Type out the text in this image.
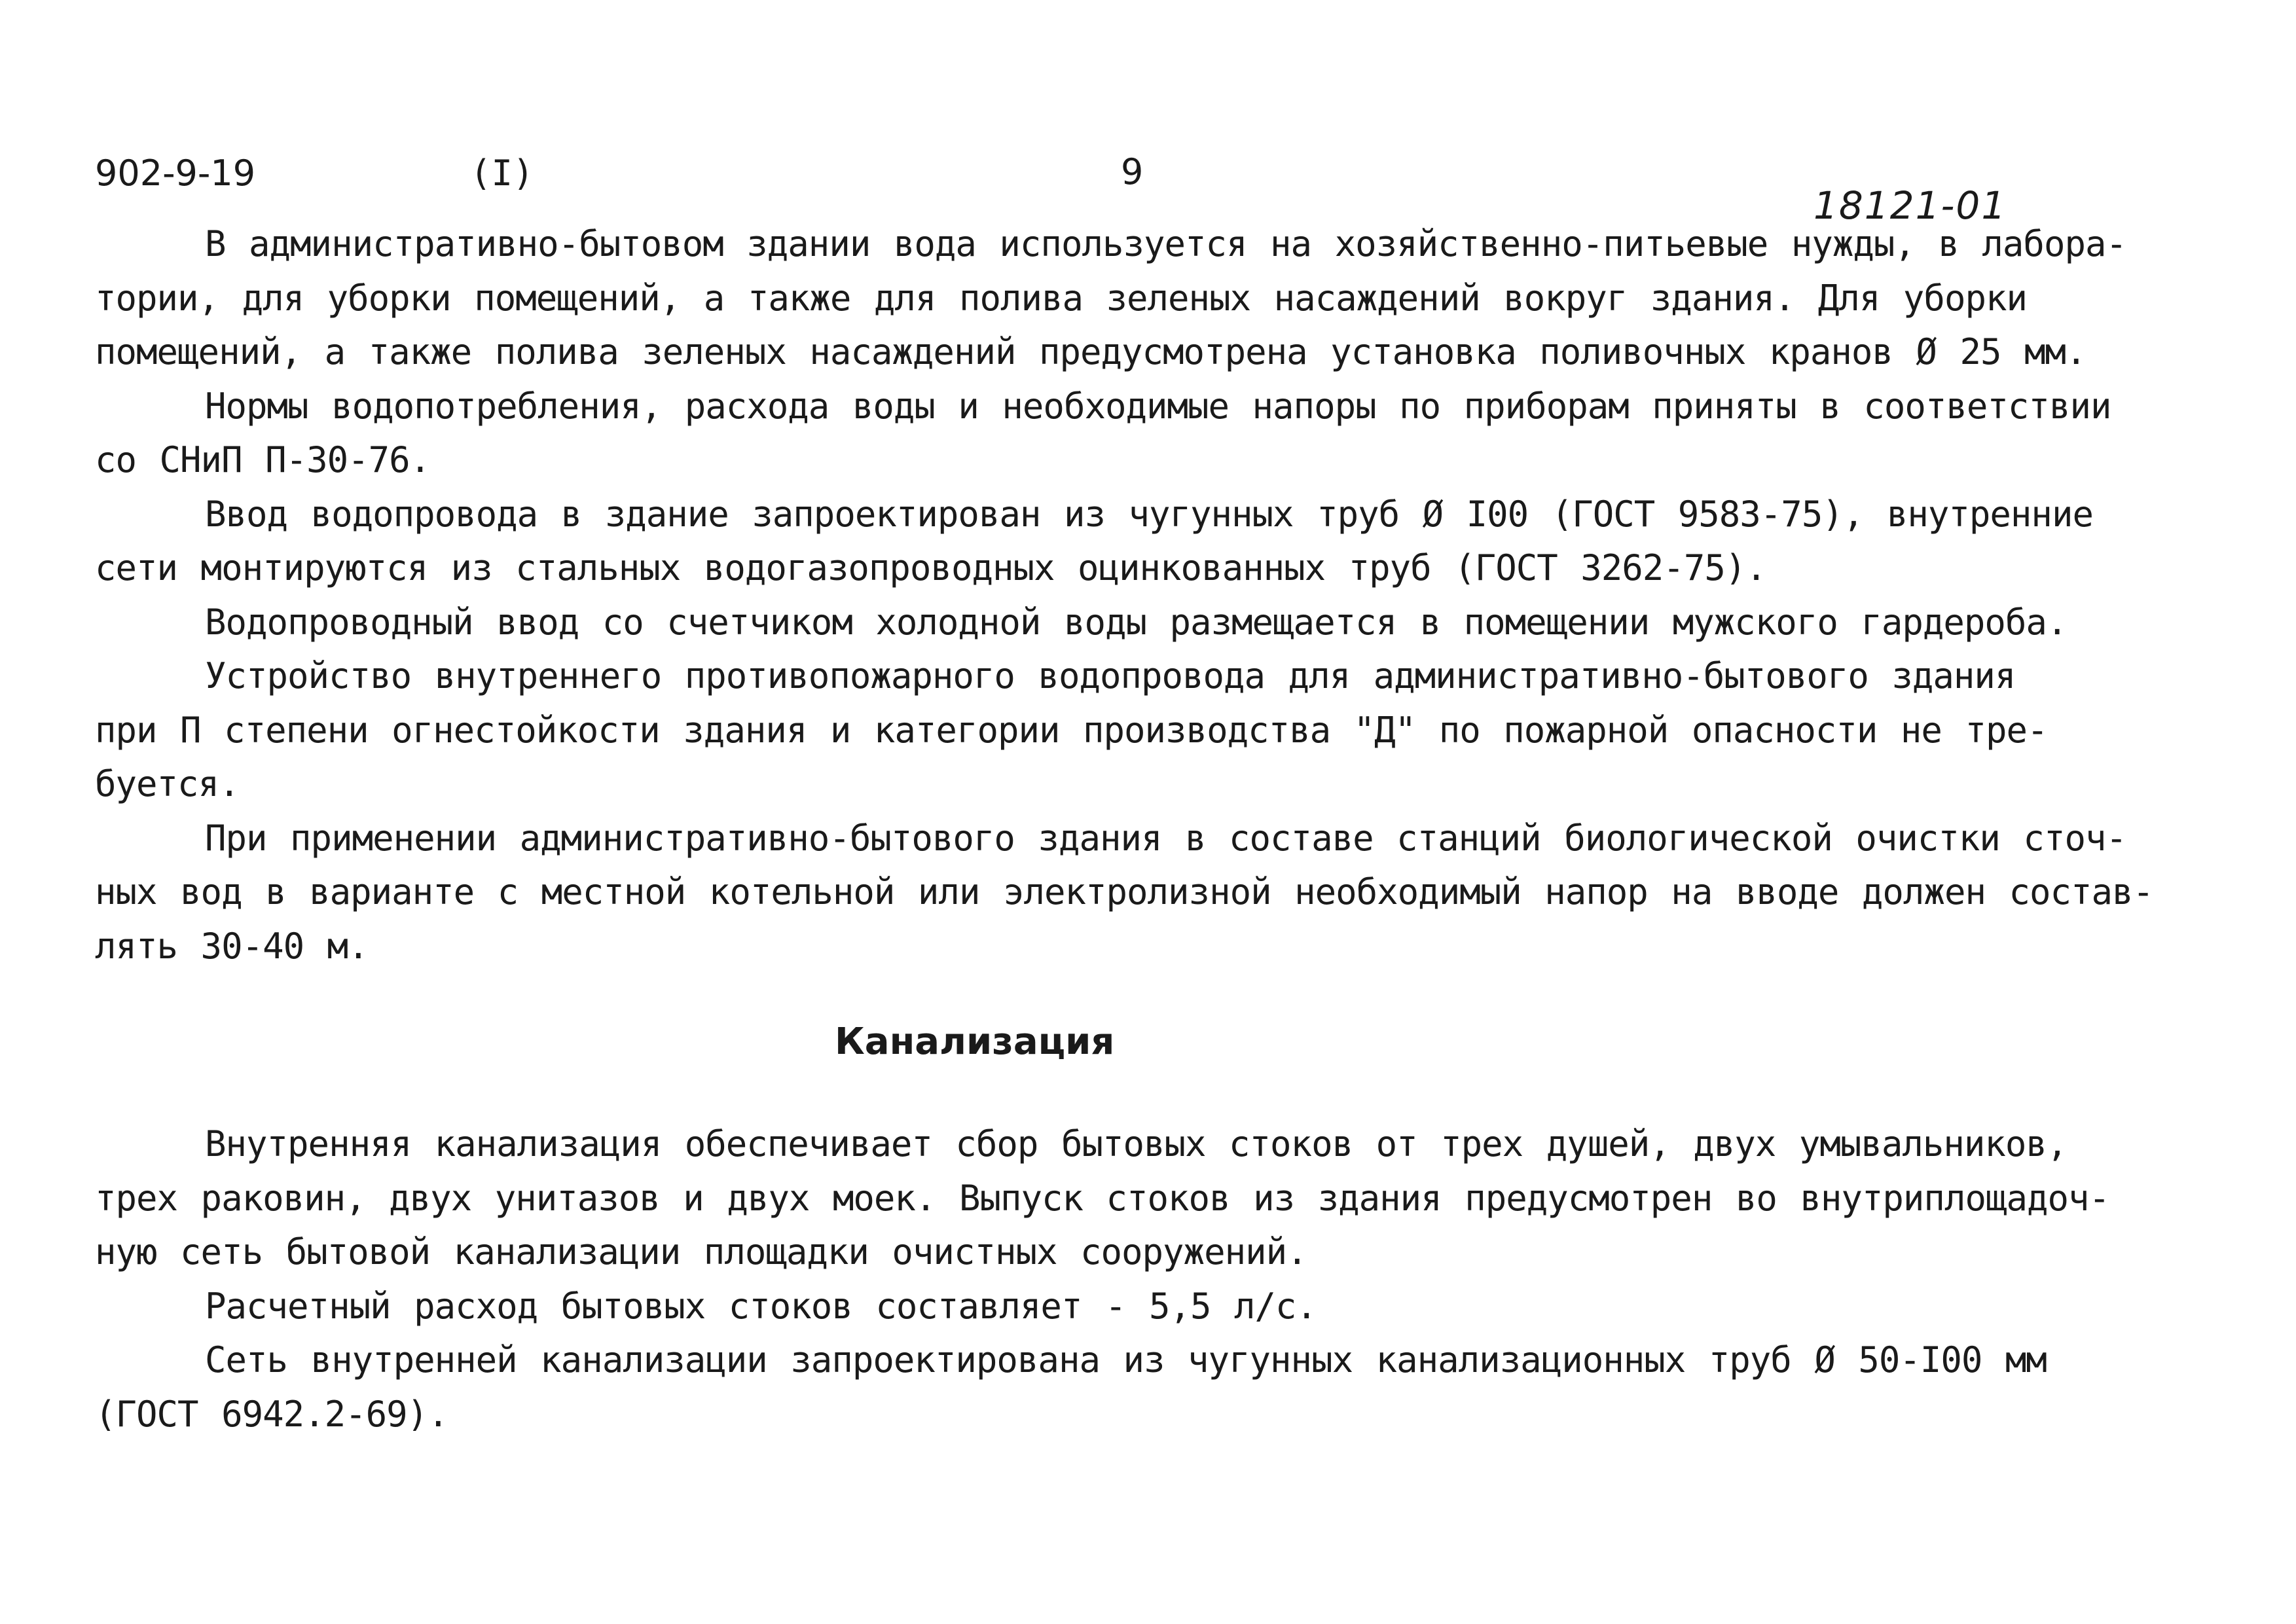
902-9-19	(I)	9
18121-01

В административно-бытовом здании вода используется на хозяйственно-питьевые нужды, в лабора-
тории, для уборки помещений, а также для полива зеленых насаждений вокруг здания. Для уборки
помещений, а также полива зеленых насаждений предусмотрена установка поливочных кранов Ø 25 мм.

Нормы водопотребления, расхода воды и необходимые напоры по приборам приняты в соответствии
со СНиП П-30-76.

Ввод водопровода в здание запроектирован из чугунных труб Ø I00 (ГОСТ 9583-75), внутренние
сети монтируются из стальных водогазопроводных оцинкованных труб (ГОСТ 3262-75).

Водопроводный ввод со счетчиком холодной воды размещается в помещении мужского гардероба.

Устройство внутреннего противопожарного водопровода для административно-бытового здания
при П степени огнестойкости здания и категории производства "Д" по пожарной опасности не тре-
буется.

При применении административно-бытового здания в составе станций биологической очистки сточ-
ных вод в варианте с местной котельной или электролизной необходимый напор на вводе должен состав-
лять 30-40 м.

Канализация

Внутренняя канализация обеспечивает сбор бытовых стоков от трех душей, двух умывальников,
трех раковин, двух унитазов и двух моек. Выпуск стоков из здания предусмотрен во внутриплощадоч-
ную сеть бытовой канализации площадки очистных сооружений.

Расчетный расход бытовых стоков составляет - 5,5 л/с.

Сеть внутренней канализации запроектирована из чугунных канализационных труб Ø 50-I00 мм
(ГОСТ 6942.2-69).
